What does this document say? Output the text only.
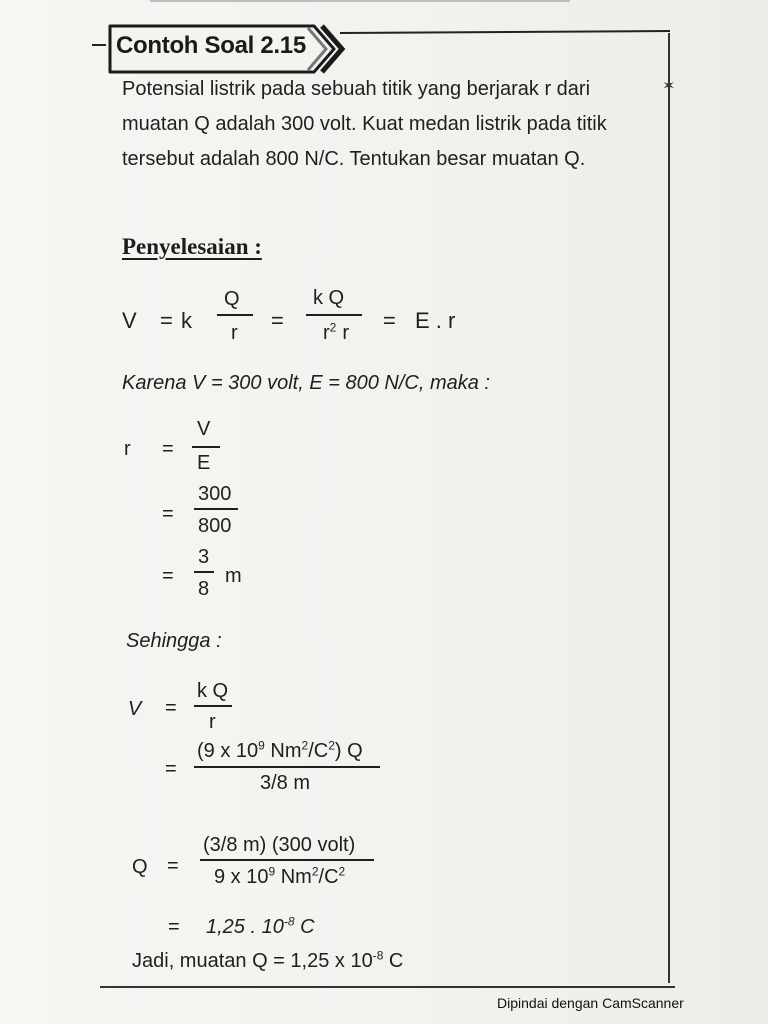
✶
Contoh Soal 2.15
Potensial listrik pada sebuah titik yang berjarak r dari muatan Q adalah 300 volt. Kuat medan listrik pada titik tersebut adalah 800 N/C. Tentukan besar muatan Q.
Penyelesaian :
V = k
Q
r =
k Q
$r^2$ r = E . r
Karena V = 300 volt, E = 800 N/C, maka :
r =
V
E
=
300
800
=
3
8
m
Sehingga :
V =
k Q
r
=
(9 x $10^9$ $Nm^2/C^2$) Q
3/8 m
Q =
(3/8 m) (300 volt)
9 x $10^9$ $Nm^2/C^2$
= 1,25 . $10^{-8}$ C
Jadi, muatan Q = 1,25 x $10^{-8}$ C
Dipindai dengan CamScanner
